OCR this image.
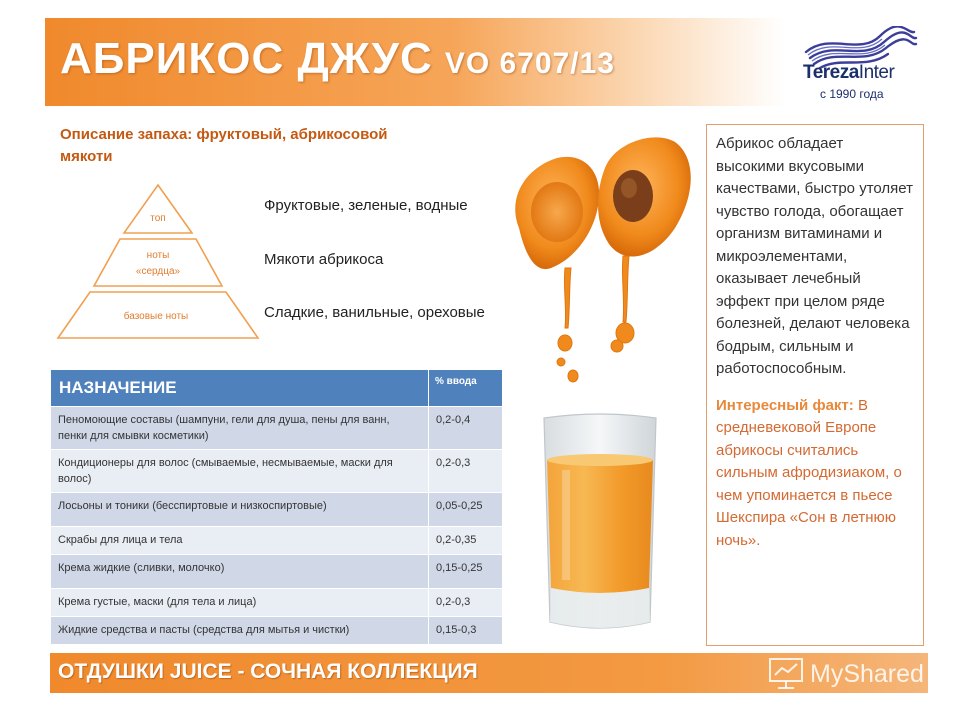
АБРИКОС ДЖУС VO 6707/13	TerezaInter
с 1990 года
Описание запаха: фруктовый, абрикосовой мякоти
топ
ноты
«сердца»
базовые ноты
Фруктовые, зеленые, водные
Мякоти абрикоса
Сладкие, ванильные, ореховые
НАЗНАЧЕНИЕ	% ввода
Пеномоющие составы (шампуни, гели для душа, пены для ванн, пенки для смывки косметики)	0,2-0,4
Кондиционеры для волос (смываемые, несмываемые, маски для волос)	0,2-0,3
Лосьоны и тоники (бесспиртовые и низкоспиртовые)	0,05-0,25
Скрабы для лица и тела	0,2-0,35
Крема жидкие (сливки, молочко)	0,15-0,25
Крема густые, маски (для тела и лица)	0,2-0,3
Жидкие средства и пасты (средства для мытья и чистки)	0,15-0,3

Абрикос обладает высокими вкусовыми качествами, быстро утоляет чувство голода, обогащает организм витаминами и микроэлементами, оказывает лечебный эффект при целом ряде болезней, делают человека бодрым, сильным и работоспособным.

Интересный факт: В средневековой Европе абрикосы считались сильным афродизиаком, о чем упоминается в пьесе Шекспира «Сон в летнюю ночь».

ОТДУШКИ JUICE - СОЧНАЯ КОЛЛЕКЦИЯ	MyShared
